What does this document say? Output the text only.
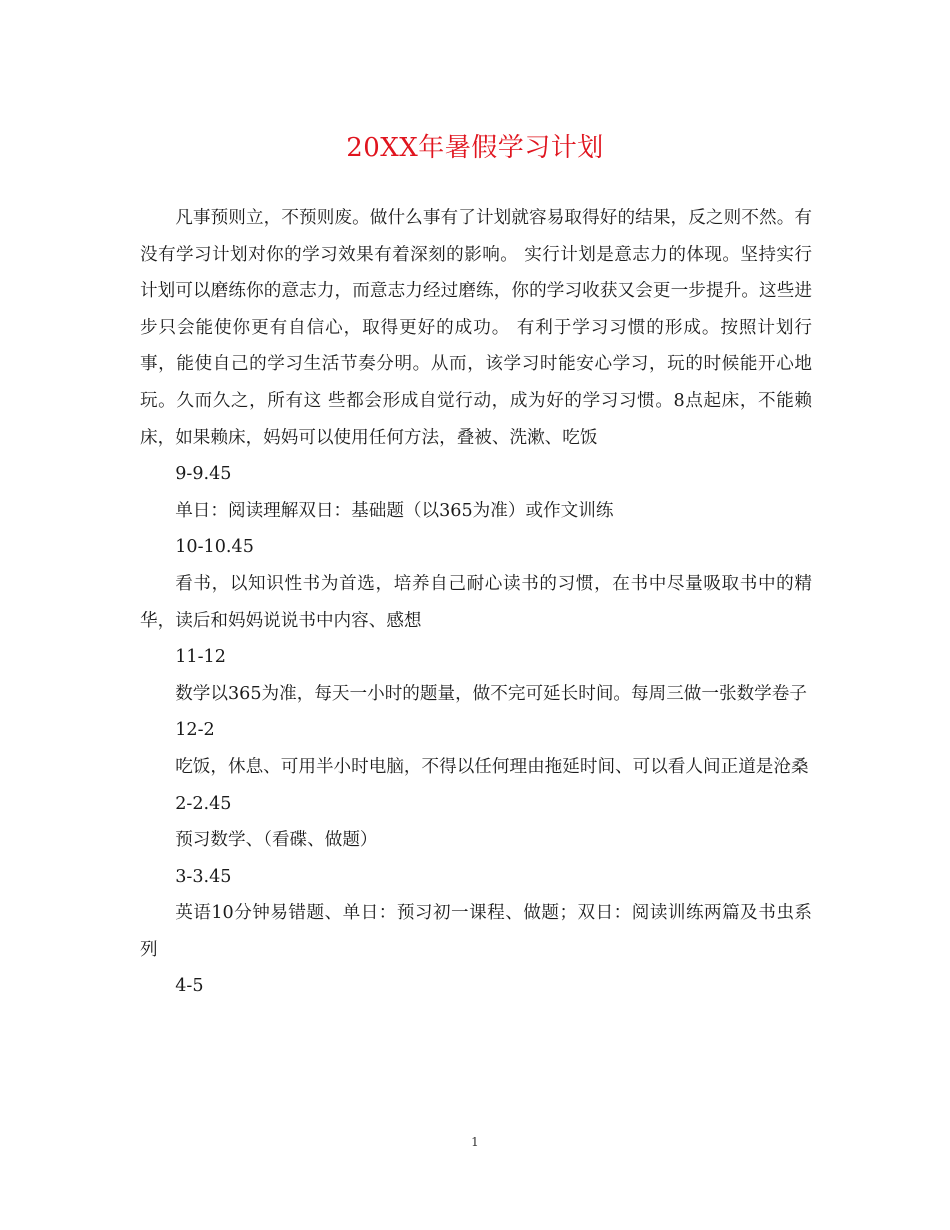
20XX年暑假学习计划

凡事预则立，不预则废。做什么事有了计划就容易取得好的结果，反之则不然。有没有学习计划对你的学习效果有着深刻的影响。 实行计划是意志力的体现。坚持实行计划可以磨练你的意志力，而意志力经过磨练，你的学习收获又会更一步提升。这些进步只会能使你更有自信心，取得更好的成功。 有利于学习习惯的形成。按照计划行事，能使自己的学习生活节奏分明。从而，该学习时能安心学习，玩的时候能开心地玩。久而久之，所有这 些都会形成自觉行动，成为好的学习习惯。8点起床，不能赖床，如果赖床，妈妈可以使用任何方法，叠被、洗漱、吃饭

9-9.45

单日：阅读理解双日：基础题（以365为准）或作文训练

10-10.45

看书，以知识性书为首选，培养自己耐心读书的习惯，在书中尽量吸取书中的精华，读后和妈妈说说书中内容、感想

11-12

数学以365为准，每天一小时的题量，做不完可延长时间。每周三做一张数学卷子

12-2

吃饭，休息、可用半小时电脑，不得以任何理由拖延时间、可以看人间正道是沧桑

2-2.45

预习数学、（看碟、做题）

3-3.45

英语10分钟易错题、单日：预习初一课程、做题；双日：阅读训练两篇及书虫系列

4-5

1
